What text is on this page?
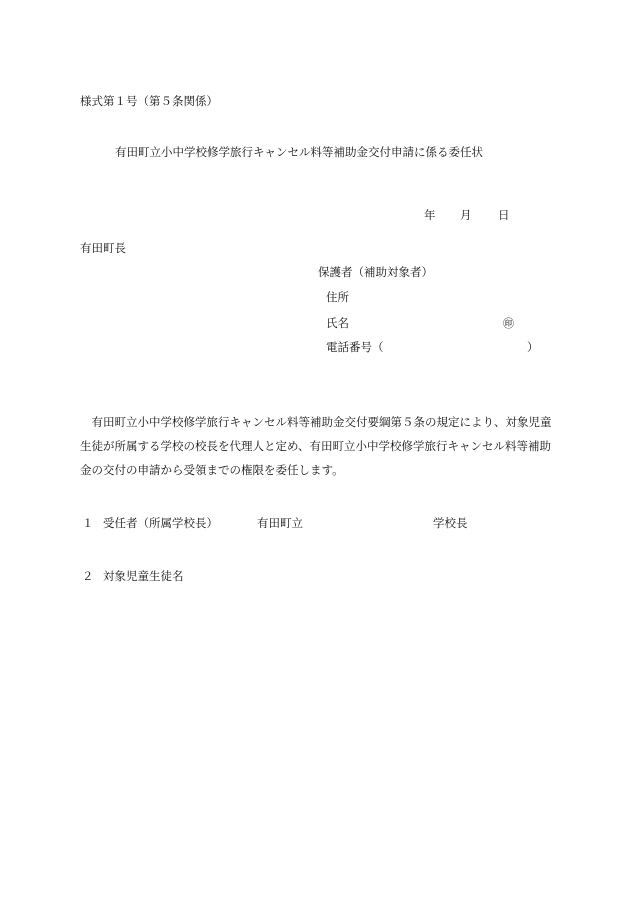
様式第１号（第５条関係）
有田町立小中学校修学旅行キャンセル料等補助金交付申請に係る委任状
年 月 日
有田町長
保護者（補助対象者）
住所
氏名	㊞
電話番号（	）
有田町立小中学校修学旅行キャンセル料等補助金交付要綱第５条の規定により、対象児童生徒が所属する学校の校長を代理人と定め、有田町立小中学校修学旅行キャンセル料等補助金の交付の申請から受領までの権限を委任します。
１ 受任者（所属学校長）	有田町立	学校長
２ 対象児童生徒名
